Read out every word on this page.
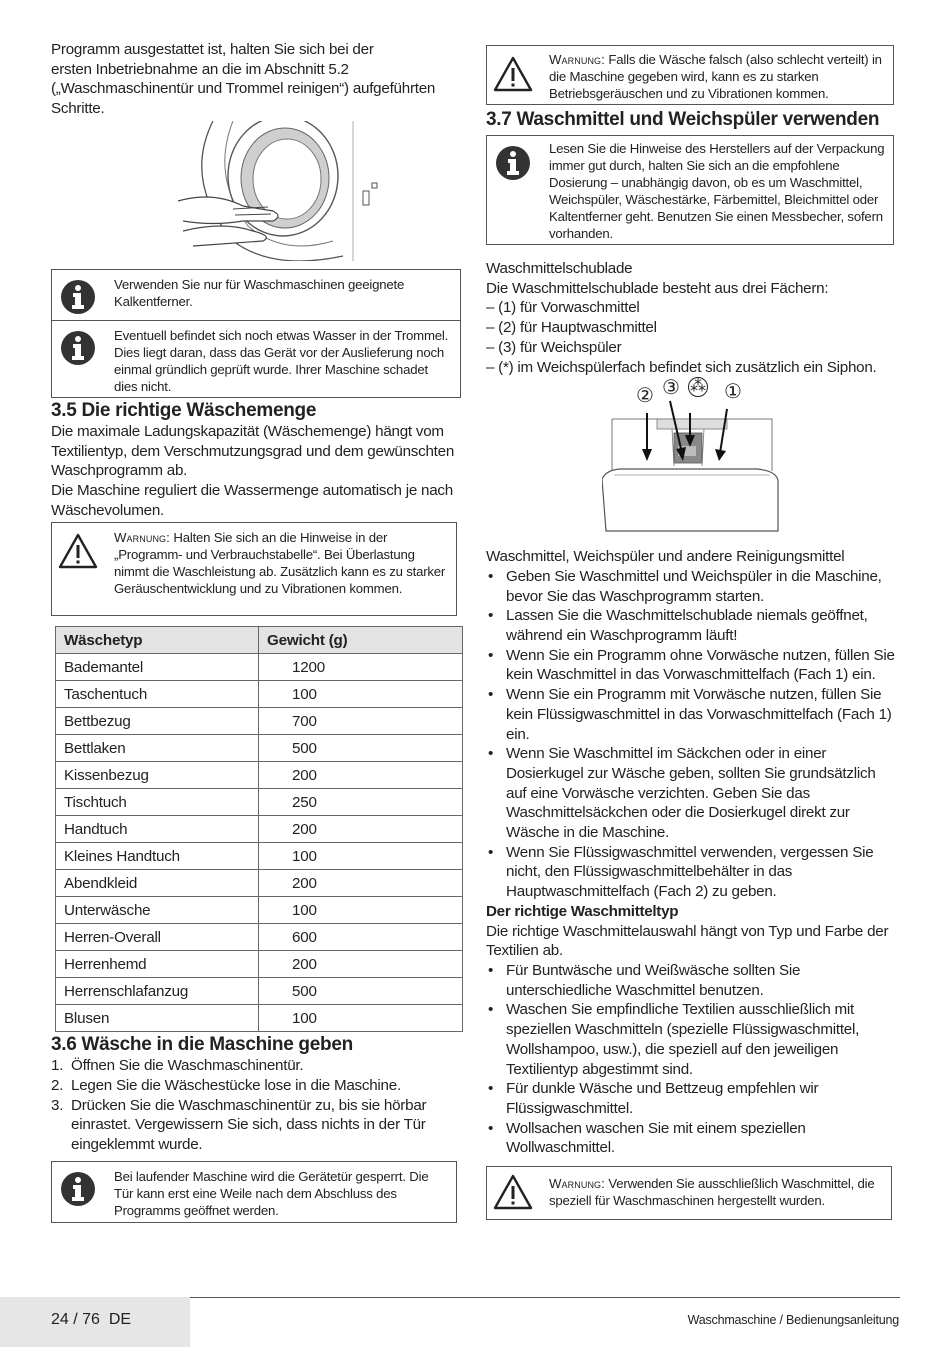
Programm ausgestattet ist, halten Sie sich bei der
ersten Inbetriebnahme an die im Abschnitt 5.2
(„Waschmaschinentür und Trommel reinigen“) aufgeführten
Schritte.
Verwenden Sie nur für Waschmaschinen geeignete Kalkentferner.
Eventuell befindet sich noch etwas Wasser in der Trommel. Dies liegt daran, dass das Gerät vor der Auslieferung noch einmal gründlich geprüft wurde. Ihrer Maschine schadet dies nicht.
3.5 Die richtige Wäschemenge

Die maximale Ladungskapazität (Wäschemenge) hängt vom Textilientyp, dem Verschmutzungsgrad und dem gewünschten Waschprogramm ab.

Die Maschine reguliert die Wassermenge automatisch je nach Wäschevolumen.

Warnung: Halten Sie sich an die Hinweise in der „Programm- und Verbrauchstabelle“. Bei Überlastung nimmt die Waschleistung ab. Zusätzlich kann es zu starker Geräuschentwicklung und zu Vibrationen kommen.
Wäschetyp	Gewicht (g)
Bademantel	1200
Taschentuch	100
Bettbezug	700
Bettlaken	500
Kissenbezug	200
Tischtuch	250
Handtuch	200
Kleines Handtuch	100
Abendkleid	200
Unterwäsche	100
Herren-Overall	600
Herrenhemd	200
Herrenschlafanzug	500
Blusen	100
3.6 Wäsche in die Maschine geben
1. Öffnen Sie die Waschmaschinentür.
2. Legen Sie die Wäschestücke lose in die Maschine.
3. Drücken Sie die Waschmaschinentür zu, bis sie hörbar einrastet. Vergewissern Sie sich, dass nichts in der Tür eingeklemmt wurde.
Bei laufender Maschine wird die Gerätetür gesperrt. Die Tür kann erst eine Weile nach dem Abschluss des Programms geöffnet werden.
Warnung: Falls die Wäsche falsch (also schlecht verteilt) in die Maschine gegeben wird, kann es zu starken Betriebsgeräuschen und zu Vibrationen kommen.
3.7 Waschmittel und Weichspüler verwenden
Lesen Sie die Hinweise des Herstellers auf der Verpackung immer gut durch, halten Sie sich an die empfohlene Dosierung – unabhängig davon, ob es um Waschmittel, Weichspüler, Wäschestärke, Färbemittel, Bleichmittel oder Kaltentferner geht. Benutzen Sie einen Messbecher, sofern vorhanden.
Waschmittelschublade
Die Waschmittelschublade besteht aus drei Fächern:
– (1) für Vorwaschmittel
– (2) für Hauptwaschmittel
– (3) für Weichspüler
– (*) im Weichspülerfach befindet sich zusätzlich ein Siphon.
② ③ ⁂ ①
Waschmittel, Weichspüler und andere Reinigungsmittel
• Geben Sie Waschmittel und Weichspüler in die Maschine, bevor Sie das Waschprogramm starten.
• Lassen Sie die Waschmittelschublade niemals geöffnet, während ein Waschprogramm läuft!
• Wenn Sie ein Programm ohne Vorwäsche nutzen, füllen Sie kein Waschmittel in das Vorwaschmittelfach (Fach 1) ein.
• Wenn Sie ein Programm mit Vorwäsche nutzen, füllen Sie kein Flüssigwaschmittel in das Vorwaschmittelfach (Fach 1) ein.
• Wenn Sie Waschmittel im Säckchen oder in einer Dosierkugel zur Wäsche geben, sollten Sie grundsätzlich auf eine Vorwäsche verzichten. Geben Sie das Waschmittelsäckchen oder die Dosierkugel direkt zur Wäsche in die Maschine.
• Wenn Sie Flüssigwaschmittel verwenden, vergessen Sie nicht, den Flüssigwaschmittelbehälter in das Hauptwaschmittelfach (Fach 2) zu geben.
Der richtige Waschmitteltyp

Die richtige Waschmittelauswahl hängt von Typ und Farbe der Textilien ab.

• Für Buntwäsche und Weißwäsche sollten Sie unterschiedliche Waschmittel benutzen.
• Waschen Sie empfindliche Textilien ausschließlich mit speziellen Waschmitteln (spezielle Flüssigwaschmittel, Wollshampoo, usw.), die speziell auf den jeweiligen Textilientyp abgestimmt sind.
• Für dunkle Wäsche und Bettzeug empfehlen wir Flüssigwaschmittel.
• Wollsachen waschen Sie mit einem speziellen Wollwaschmittel.
Warnung: Verwenden Sie ausschließlich Waschmittel, die speziell für Waschmaschinen hergestellt wurden.
24 / 76  DE	Waschmaschine / Bedienungsanleitung
